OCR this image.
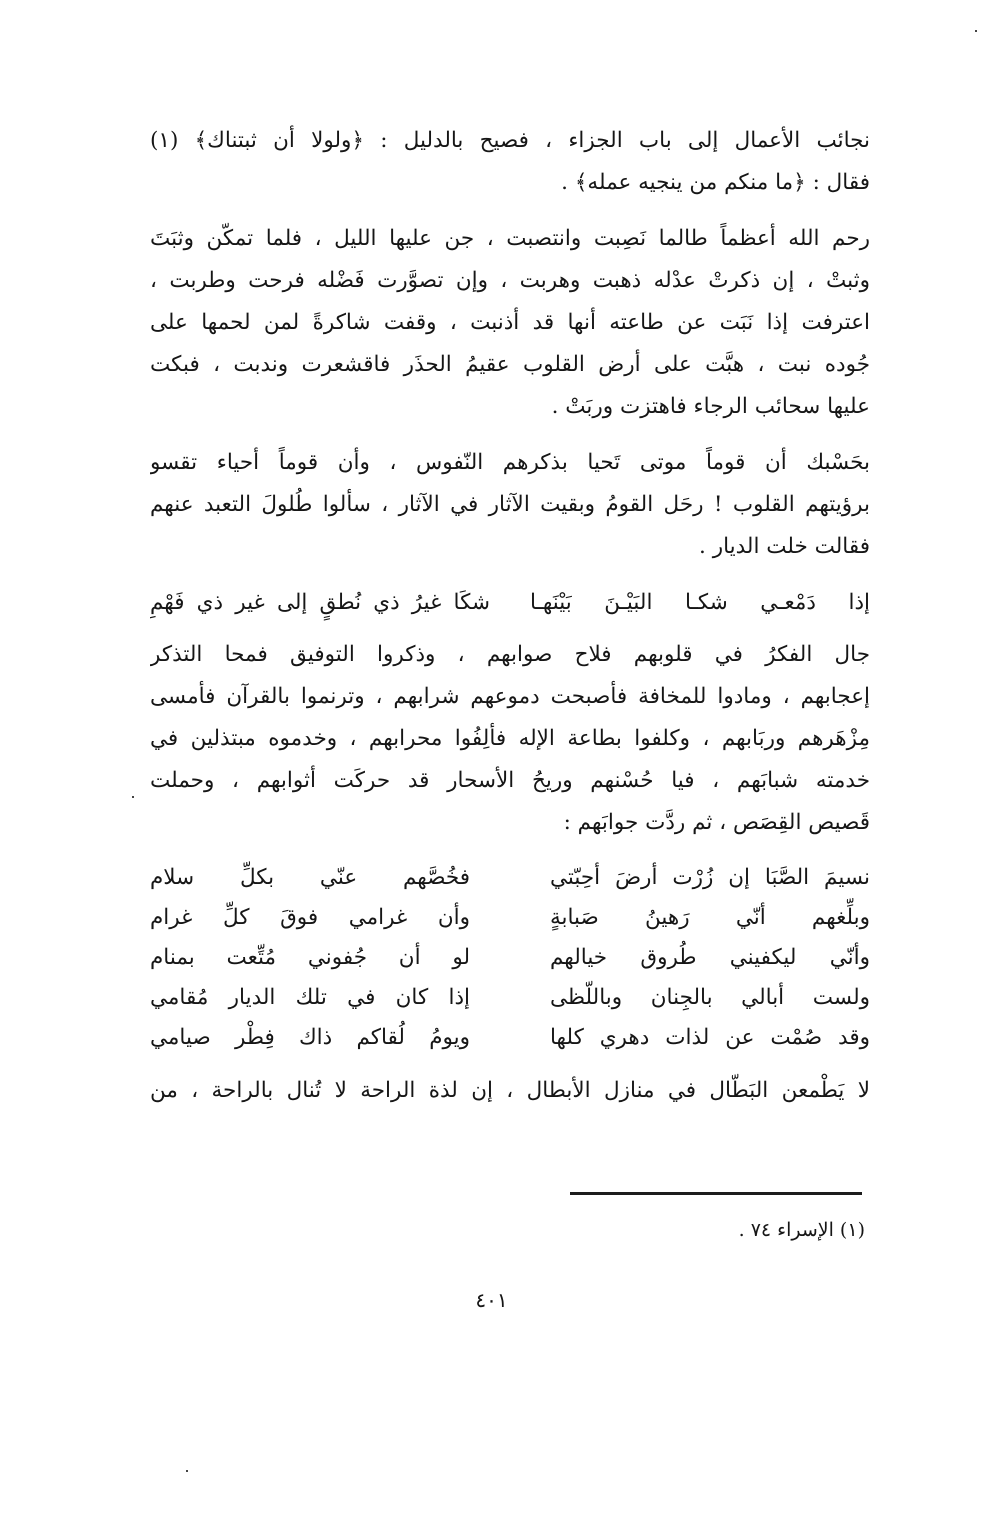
نجائب الأعمال إلى باب الجزاء ، فصيح بالدليل : ﴿ولولا أن ثبتناك﴾ (١)
فقال : ﴿ما منكم من ينجيه عمله﴾ .
رحم الله أعظماً طالما نَصِبت وانتصبت ، جن عليها الليل ، فلما تمكّن وثبَتَ
وثبتْ ، إن ذكرتْ عدْله ذهبت وهربت ، وإن تصوَّرت فَضْله فرحت وطربت ،
اعترفت إذا نَبَت عن طاعته أنها قد أذنبت ، وقفت شاكرةً لمن لحمها على
جُوده نبت ، هبَّت على أرض القلوب عقيمُ الحذَر فاقشعرت وندبت ، فبكت
عليها سحائب الرجاء فاهتزت وربَتْ .
بحَسْبك أن قوماً موتى تَحيا بذكرهم النّفوس ، وأن قوماً أحياء تقسو
برؤيتهم القلوب ! رحَل القومُ وبقيت الآثار في الآثار ، سألوا طُلولَ التعبد عنهم
فقالت خلت الديار .
إذا دَمْعـي شكـا البَيْـنَ بَيْنَهـا
شكَا غيرُ ذي نُطقٍ إلى غير ذي فَهْمِ
جال الفكرُ في قلوبهم فلاح صوابهم ، وذكروا التوفيق فمحا التذكر
إعجابهم ، ومادوا للمخافة فأصبحت دموعهم شرابهم ، وترنموا بالقرآن فأمسى
مِزْهَرهم وربَابهم ، وكلفوا بطاعة الإله فألِفُوا محرابهم ، وخدموه مبتذلين في
خدمته شبابَهم ، فيا حُسْنهم وريحُ الأسحار قد حركَت أثوابهم ، وحملت
قَصيص القِصَص ، ثم ردَّت جوابَهم :
نسيمَ الصَّبَا إن زُرْت أرضَ أحِبّتي
فخُصَّهم عنّي بكلِّ سلام
وبلِّغهم أنّي رَهينُ صَبابةٍ
وأن غرامي فوقَ كلِّ غرام
وأنّي ليكفيني طُروق خيالهم
لو أن جُفوني مُتِّعت بمنام
ولست أبالي بالجِنان وباللّظى
إذا كان في تلك الديار مُقامي
وقد صُمْت عن لذات دهري كلها
ويومُ لُقاكم ذاك فِطْر صيامي
لا يَطْمعن البَطّال في منازل الأبطال ، إن لذة الراحة لا تُنال بالراحة ، من
(١) الإسراء ٧٤ .
٤٠١
